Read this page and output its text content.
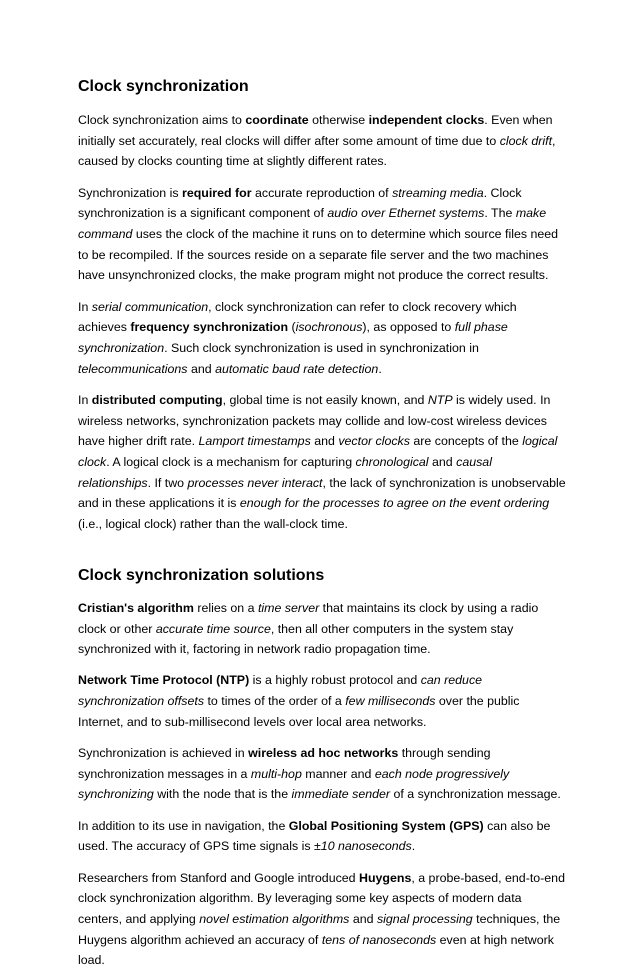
Clock synchronization

Clock synchronization aims to coordinate otherwise independent clocks. Even when initially set accurately, real clocks will differ after some amount of time due to clock drift, caused by clocks counting time at slightly different rates.

Synchronization is required for accurate reproduction of streaming media. Clock synchronization is a significant component of audio over Ethernet systems. The make command uses the clock of the machine it runs on to determine which source files need to be recompiled. If the sources reside on a separate file server and the two machines have unsynchronized clocks, the make program might not produce the correct results.

In serial communication, clock synchronization can refer to clock recovery which achieves frequency synchronization (isochronous), as opposed to full phase synchronization. Such clock synchronization is used in synchronization in telecommunications and automatic baud rate detection.

In distributed computing, global time is not easily known, and NTP is widely used. In wireless networks, synchronization packets may collide and low-cost wireless devices have higher drift rate. Lamport timestamps and vector clocks are concepts of the logical clock. A logical clock is a mechanism for capturing chronological and causal relationships. If two processes never interact, the lack of synchronization is unobservable and in these applications it is enough for the processes to agree on the event ordering (i.e., logical clock) rather than the wall-clock time.

Clock synchronization solutions

Cristian's algorithm relies on a time server that maintains its clock by using a radio clock or other accurate time source, then all other computers in the system stay synchronized with it, factoring in network radio propagation time.

Network Time Protocol (NTP) is a highly robust protocol and can reduce synchronization offsets to times of the order of a few milliseconds over the public Internet, and to sub-millisecond levels over local area networks.

Synchronization is achieved in wireless ad hoc networks through sending synchronization messages in a multi-hop manner and each node progressively synchronizing with the node that is the immediate sender of a synchronization message.

In addition to its use in navigation, the Global Positioning System (GPS) can also be used. The accuracy of GPS time signals is ±10 nanoseconds.

Researchers from Stanford and Google introduced Huygens, a probe-based, end-to-end clock synchronization algorithm. By leveraging some key aspects of modern data centers, and applying novel estimation algorithms and signal processing techniques, the Huygens algorithm achieved an accuracy of tens of nanoseconds even at high network load.
